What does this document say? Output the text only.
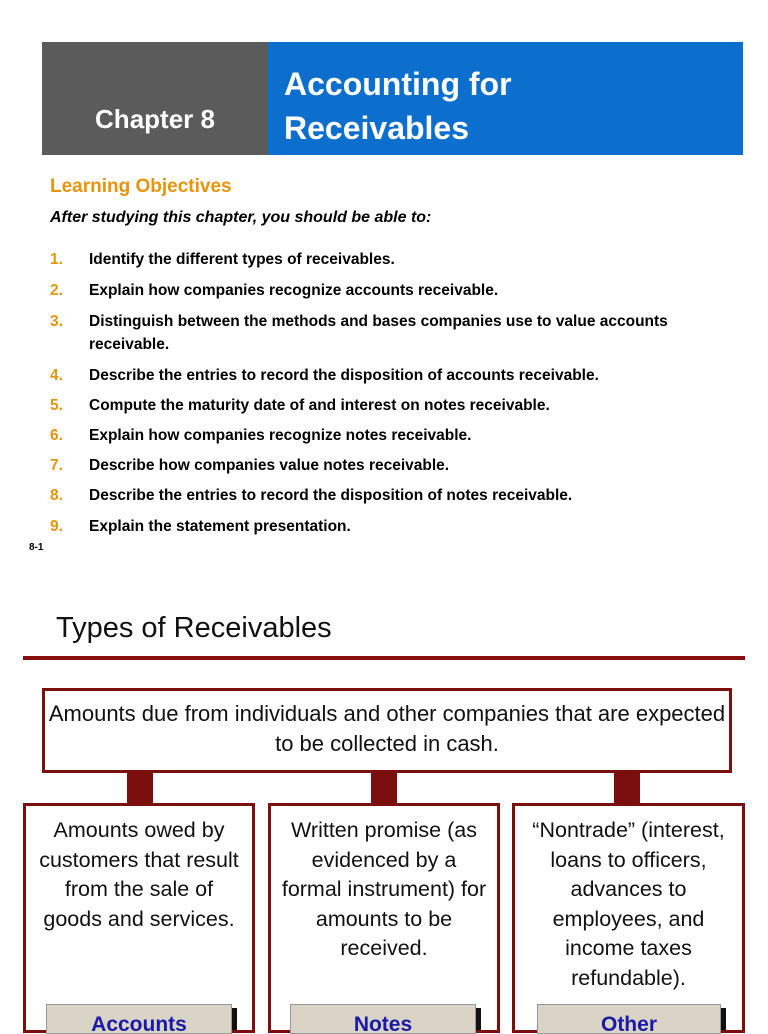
Chapter 8
Accounting for
Receivables
Learning Objectives
After studying this chapter, you should be able to:
1. Identify the different types of receivables.
2. Explain how companies recognize accounts receivable.
3. Distinguish between the methods and bases companies use to value accounts receivable.
4. Describe the entries to record the disposition of accounts receivable.
5. Compute the maturity date of and interest on notes receivable.
6. Explain how companies recognize notes receivable.
7. Describe how companies value notes receivable.
8. Describe the entries to record the disposition of notes receivable.
9. Explain the statement presentation.
8-1
Types of Receivables
Amounts due from individuals and other companies that are expected to be collected in cash.
Amounts owed by customers that result from the sale of goods and services.
Written promise (as evidenced by a formal instrument) for amounts to be received.
“Nontrade” (interest, loans to officers, advances to employees, and income taxes refundable).
Accounts	Notes	Other
